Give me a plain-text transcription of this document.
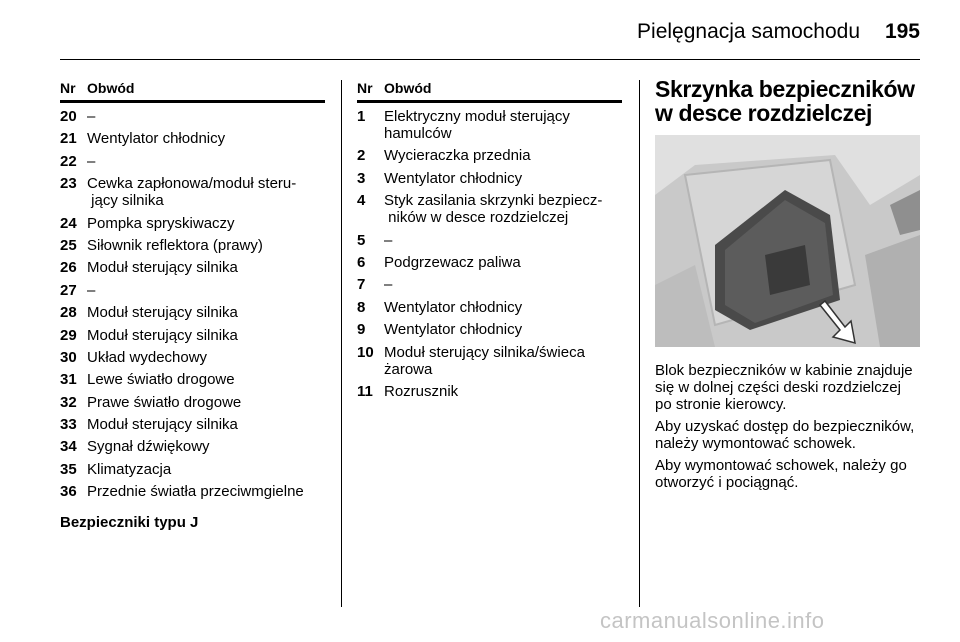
Pielęgnacja samochodu	195
Nr Obwód
20 –
21 Wentylator chłodnicy
22 –
23 Cewka zapłonowa/moduł steru- jący silnika
24 Pompka spryskiwaczy
25 Siłownik reflektora (prawy)
26 Moduł sterujący silnika
27 –
28 Moduł sterujący silnika
29 Moduł sterujący silnika
30 Układ wydechowy
31 Lewe światło drogowe
32 Prawe światło drogowe
33 Moduł sterujący silnika
34 Sygnał dźwiękowy
35 Klimatyzacja
36 Przednie światła przeciwmgielne
Bezpieczniki typu J
Nr Obwód
1	Elektryczny moduł sterujący hamulców
2	Wycieraczka przednia
3	Wentylator chłodnicy
4	Styk zasilania skrzynki bezpiecz- ników w desce rozdzielczej
5	–
6	Podgrzewacz paliwa
7	–
8	Wentylator chłodnicy
9	Wentylator chłodnicy
10 Moduł sterujący silnika/świeca żarowa
11 Rozrusznik
Skrzynka bezpieczników w desce rozdzielczej

Blok bezpieczników w kabinie znajduje się w dolnej części deski rozdzielczej po stronie kierowcy.

Aby uzyskać dostęp do bezpieczników, należy wymontować schowek.

Aby wymontować schowek, należy go otworzyć i pociągnąć.

carmanualsonline.info
